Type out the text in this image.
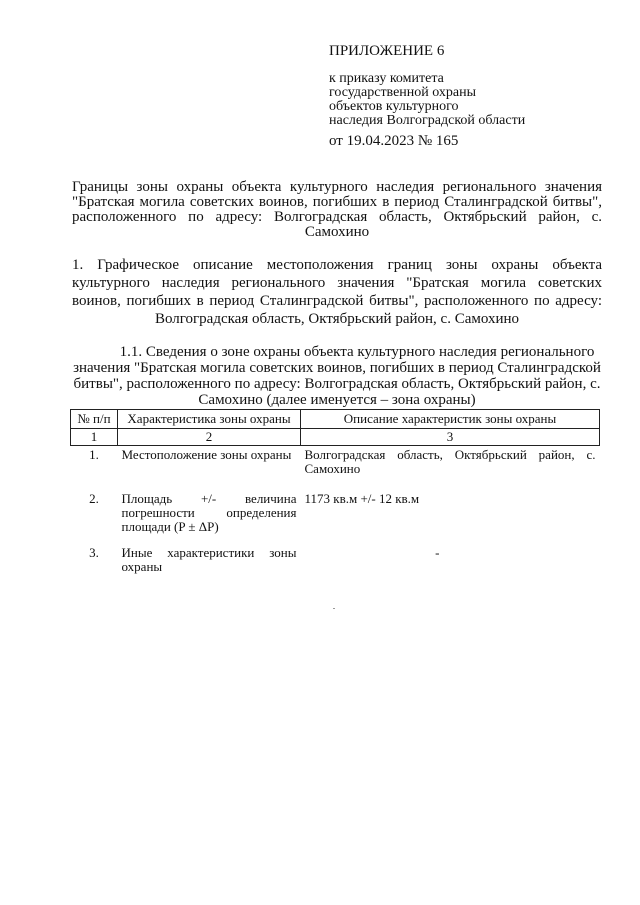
ПРИЛОЖЕНИЕ 6
к приказу комитета
государственной охраны
объектов культурного
наследия Волгоградской области
от 19.04.2023 № 165
Границы зоны охраны объекта культурного наследия регионального значения "Братская могила советских воинов, погибших в период Сталинградской битвы", расположенного по адресу: Волгоградская область, Октябрьский район, с. Самохино
1. Графическое описание местоположения границ зоны охраны объекта культурного наследия регионального значения "Братская могила советских воинов, погибших в период Сталинградской битвы", расположенного по адресу: Волгоградская область, Октябрьский район, с. Самохино
1.1. Сведения о зоне охраны объекта культурного наследия регионального значения "Братская могила советских воинов, погибших в период Сталинградской битвы", расположенного по адресу: Волгоградская область, Октябрьский район, с. Самохино (далее именуется – зона охраны)
№ п/п	Характеристика зоны охраны	Описание характеристик зоны охраны
1	2	3
1.	Местоположение зоны охраны	Волгоградская область, Октябрьский район, с. Самохино
2.	Площадь +/- величина погрешности определения площади (P ± ΔP)	1173 кв.м +/- 12 кв.м
3.	Иные характеристики зоны охраны	-
